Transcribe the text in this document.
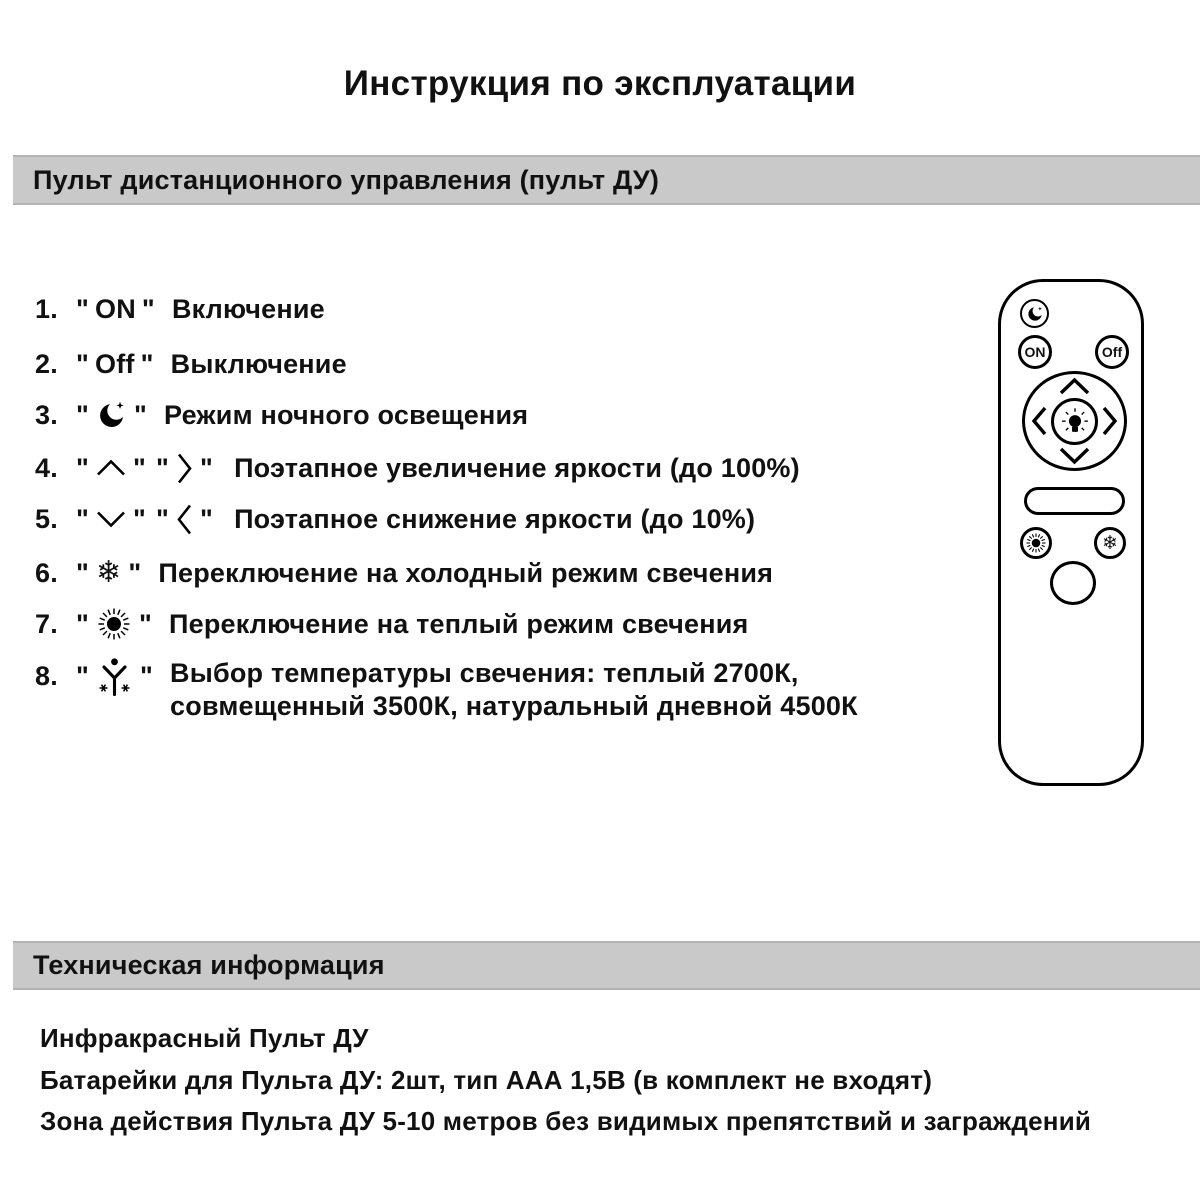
Инструкция по эксплуатации
Пульт дистанционного управления (пульт ДУ)
1. " ON " Включение
2. " Off " Выключение
3. " " Режим ночного освещения
4. " " " " Поэтапное увеличение яркости (до 100%)
5. " " " " Поэтапное снижение яркости (до 10%)
6. " ❄ " Переключение на холодный режим свечения
7. " " Переключение на теплый режим свечения
8. " " Выбор температуры свечения: теплый 2700К,
совмещенный 3500К, натуральный дневной 4500К
ON	Off
❄
Техническая информация
Инфракрасный Пульт ДУ
Батарейки для Пульта ДУ: 2шт, тип ААА 1,5В (в комплект не входят)
Зона действия Пульта ДУ 5-10 метров без видимых препятствий и заграждений
